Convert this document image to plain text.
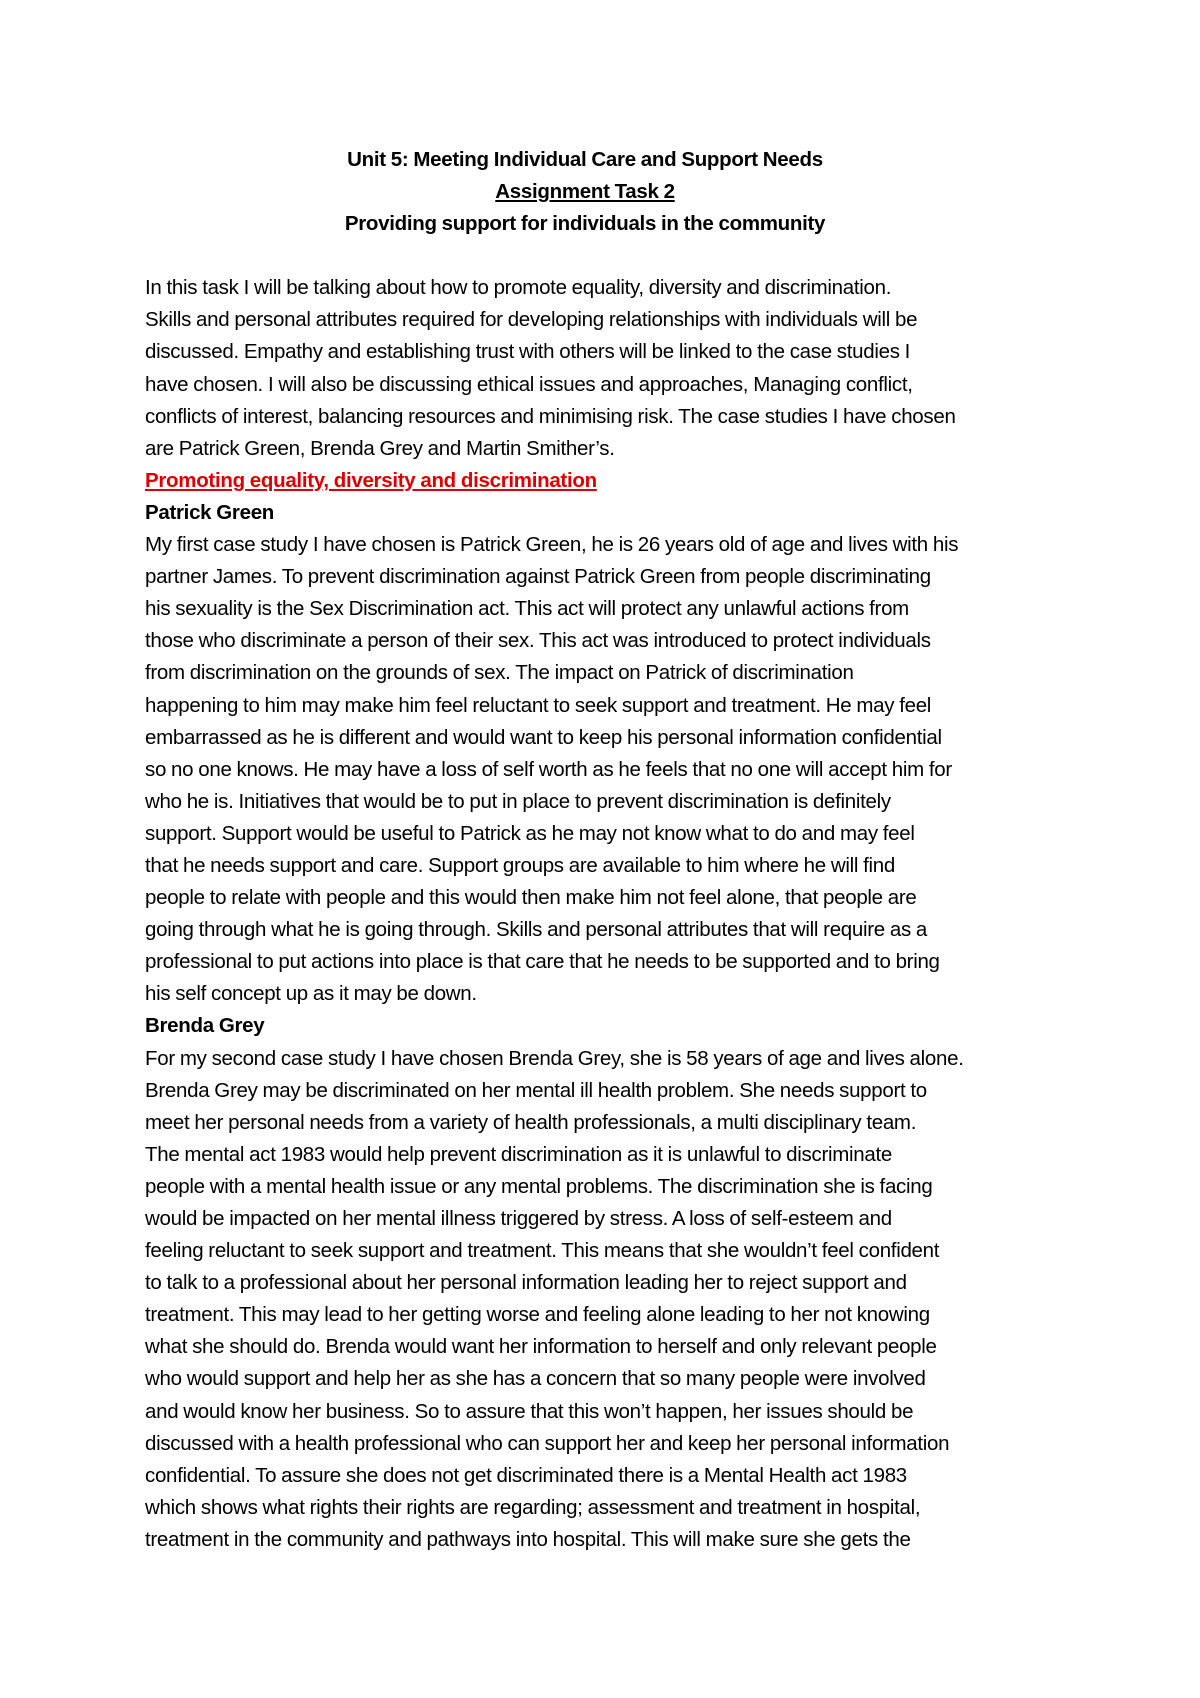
Unit 5: Meeting Individual Care and Support Needs
Assignment Task 2
Providing support for individuals in the community
In this task I will be talking about how to promote equality, diversity and discrimination.
Skills and personal attributes required for developing relationships with individuals will be
discussed. Empathy and establishing trust with others will be linked to the case studies I
have chosen. I will also be discussing ethical issues and approaches, Managing conflict,
conflicts of interest, balancing resources and minimising risk. The case studies I have chosen
are Patrick Green, Brenda Grey and Martin Smither’s.
Promoting equality, diversity and discrimination
Patrick Green
My first case study I have chosen is Patrick Green, he is 26 years old of age and lives with his
partner James. To prevent discrimination against Patrick Green from people discriminating
his sexuality is the Sex Discrimination act. This act will protect any unlawful actions from
those who discriminate a person of their sex. This act was introduced to protect individuals
from discrimination on the grounds of sex. The impact on Patrick of discrimination
happening to him may make him feel reluctant to seek support and treatment. He may feel
embarrassed as he is different and would want to keep his personal information confidential
so no one knows. He may have a loss of self worth as he feels that no one will accept him for
who he is. Initiatives that would be to put in place to prevent discrimination is definitely
support. Support would be useful to Patrick as he may not know what to do and may feel
that he needs support and care. Support groups are available to him where he will find
people to relate with people and this would then make him not feel alone, that people are
going through what he is going through. Skills and personal attributes that will require as a
professional to put actions into place is that care that he needs to be supported and to bring
his self concept up as it may be down.
Brenda Grey
For my second case study I have chosen Brenda Grey, she is 58 years of age and lives alone.
Brenda Grey may be discriminated on her mental ill health problem. She needs support to
meet her personal needs from a variety of health professionals, a multi disciplinary team.
The mental act 1983 would help prevent discrimination as it is unlawful to discriminate
people with a mental health issue or any mental problems. The discrimination she is facing
would be impacted on her mental illness triggered by stress. A loss of self-esteem and
feeling reluctant to seek support and treatment. This means that she wouldn’t feel confident
to talk to a professional about her personal information leading her to reject support and
treatment. This may lead to her getting worse and feeling alone leading to her not knowing
what she should do. Brenda would want her information to herself and only relevant people
who would support and help her as she has a concern that so many people were involved
and would know her business. So to assure that this won’t happen, her issues should be
discussed with a health professional who can support her and keep her personal information
confidential. To assure she does not get discriminated there is a Mental Health act 1983
which shows what rights their rights are regarding; assessment and treatment in hospital,
treatment in the community and pathways into hospital. This will make sure she gets the
